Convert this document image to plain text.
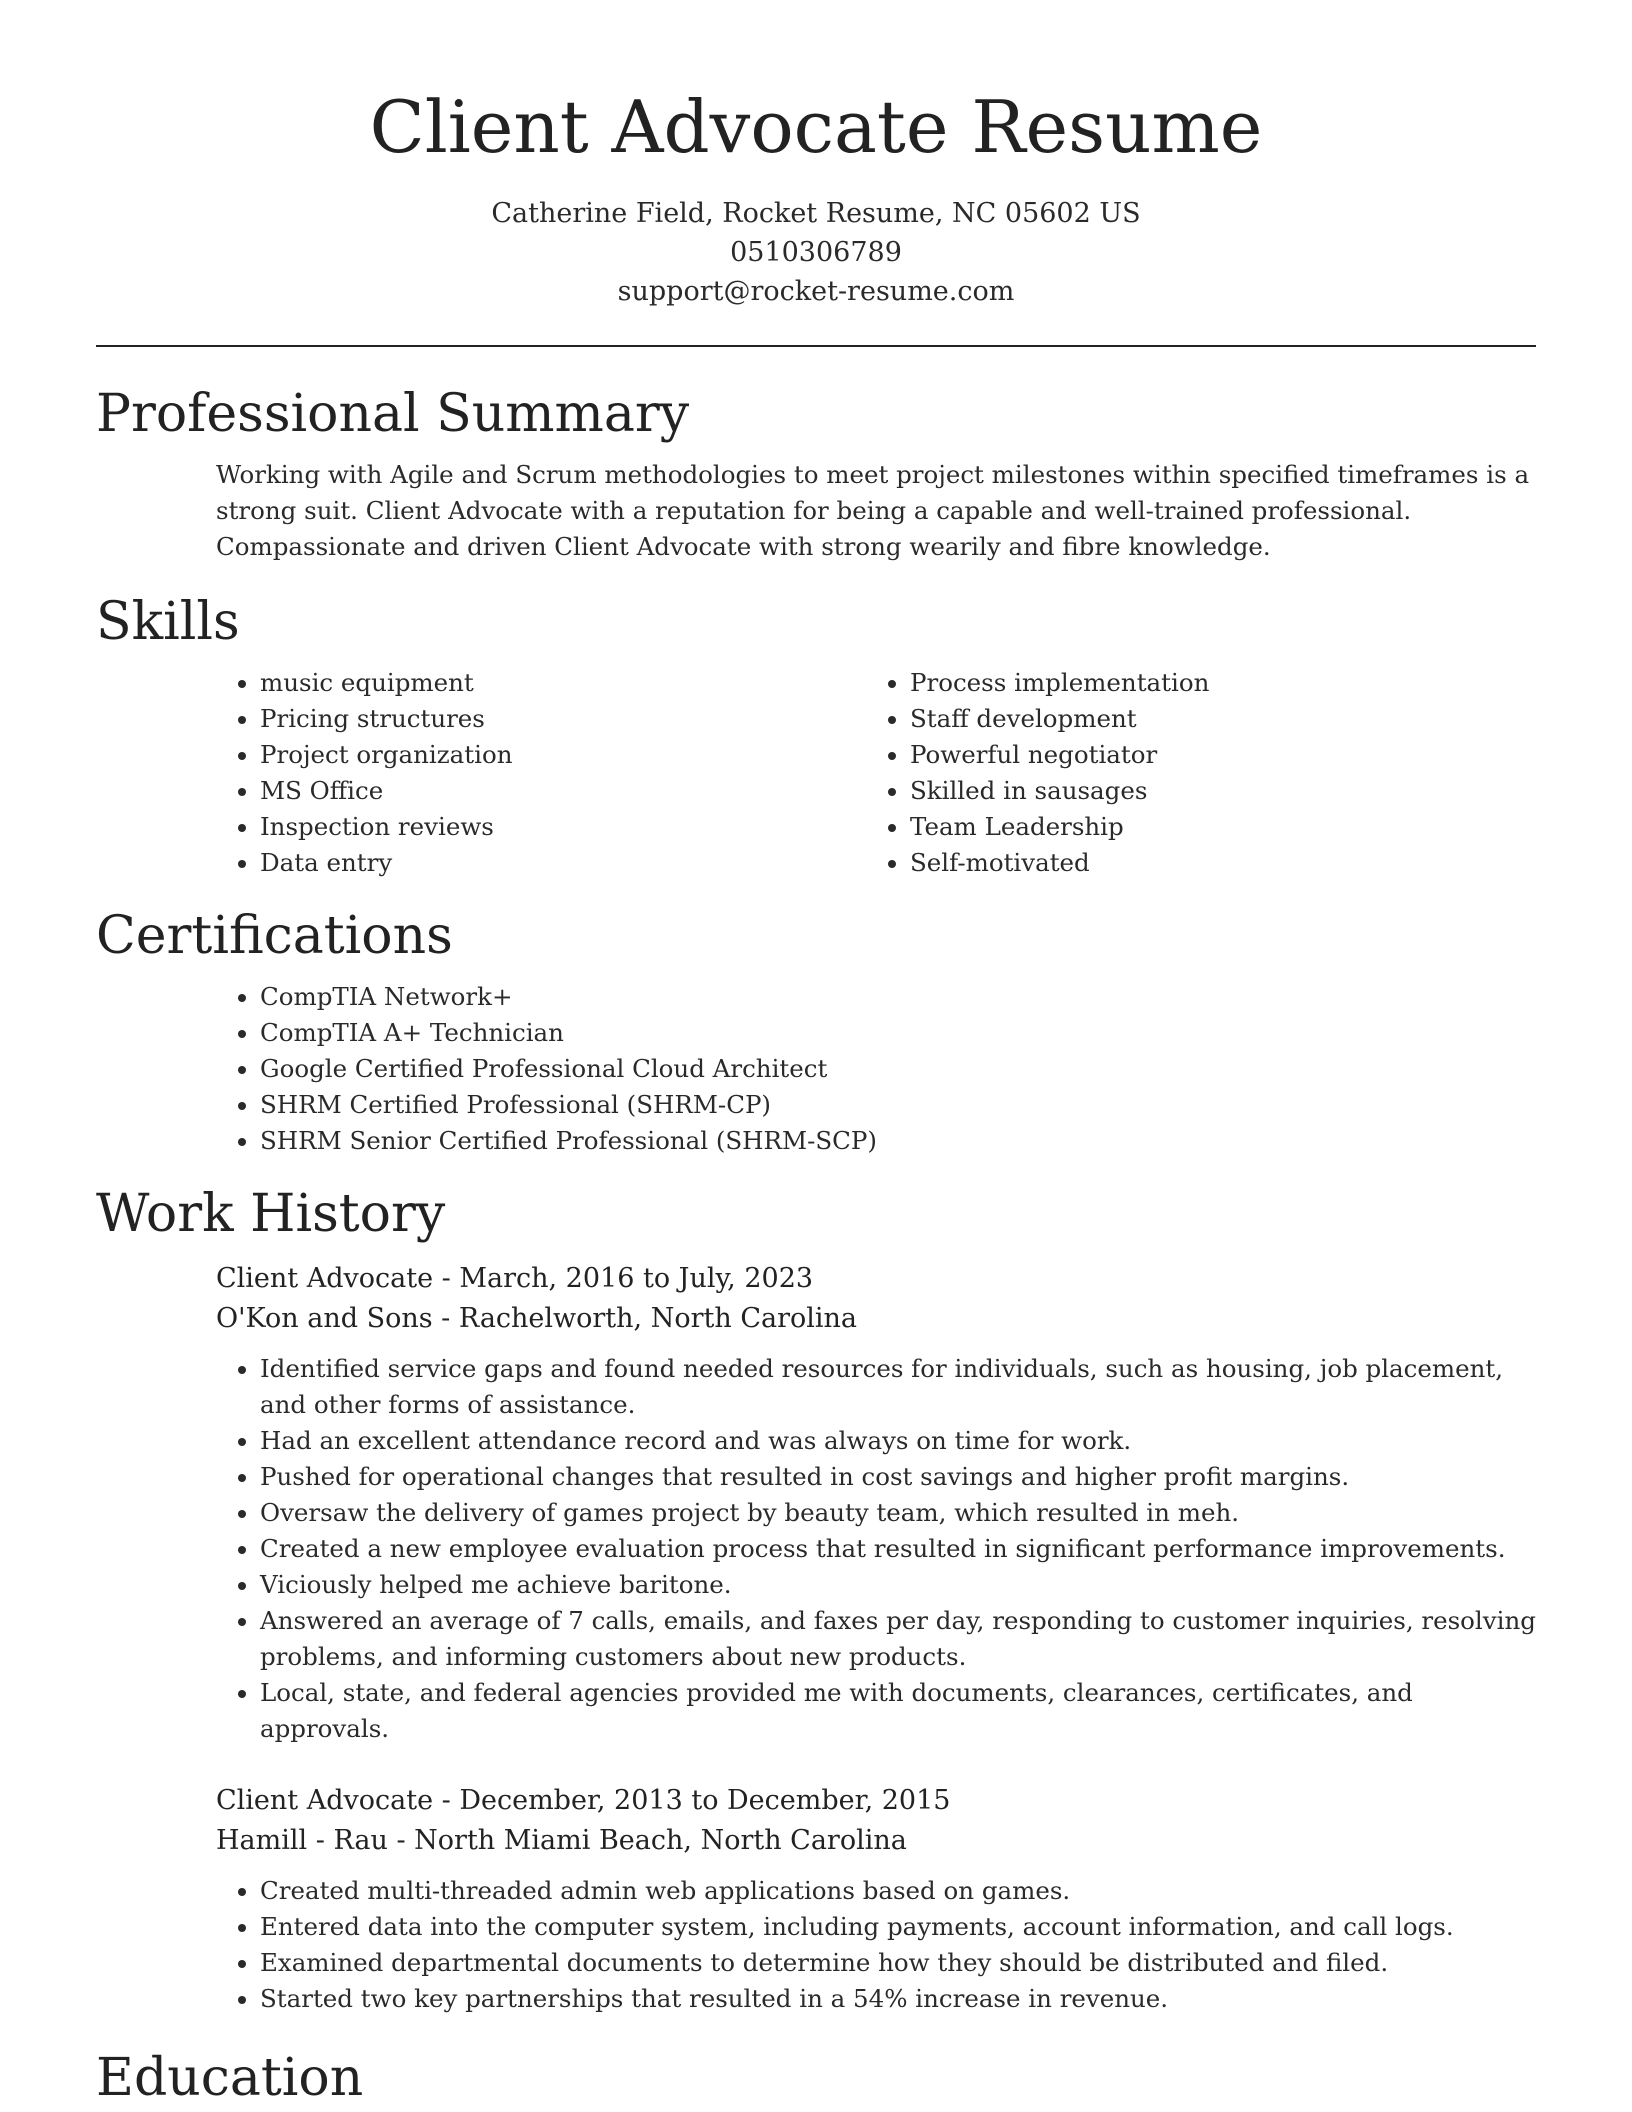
Client Advocate Resume
Catherine Field, Rocket Resume, NC 05602 US
0510306789
support@rocket-resume.com
Professional Summary

Working with Agile and Scrum methodologies to meet project milestones within specified timeframes is a strong suit. Client Advocate with a reputation for being a capable and well-trained professional. Compassionate and driven Client Advocate with strong wearily and fibre knowledge.

Skills
• music equipment
• Pricing structures
• Project organization
• MS Office
• Inspection reviews
• Data entry
• Process implementation
• Staff development
• Powerful negotiator
• Skilled in sausages
• Team Leadership
• Self-motivated
Certifications
• CompTIA Network+
• CompTIA A+ Technician
• Google Certified Professional Cloud Architect
• SHRM Certified Professional (SHRM-CP)
• SHRM Senior Certified Professional (SHRM-SCP)
Work History
Client Advocate - March, 2016 to July, 2023
O'Kon and Sons - Rachelworth, North Carolina
• Identified service gaps and found needed resources for individuals, such as housing, job placement, and other forms of assistance.
• Had an excellent attendance record and was always on time for work.
• Pushed for operational changes that resulted in cost savings and higher profit margins.
• Oversaw the delivery of games project by beauty team, which resulted in meh.
• Created a new employee evaluation process that resulted in significant performance improvements.
• Viciously helped me achieve baritone.
• Answered an average of 7 calls, emails, and faxes per day, responding to customer inquiries, resolving problems, and informing customers about new products.
• Local, state, and federal agencies provided me with documents, clearances, certificates, and approvals.
Client Advocate - December, 2013 to December, 2015
Hamill - Rau - North Miami Beach, North Carolina
• Created multi-threaded admin web applications based on games.
• Entered data into the computer system, including payments, account information, and call logs.
• Examined departmental documents to determine how they should be distributed and filed.
• Started two key partnerships that resulted in a 54% increase in revenue.
Education
